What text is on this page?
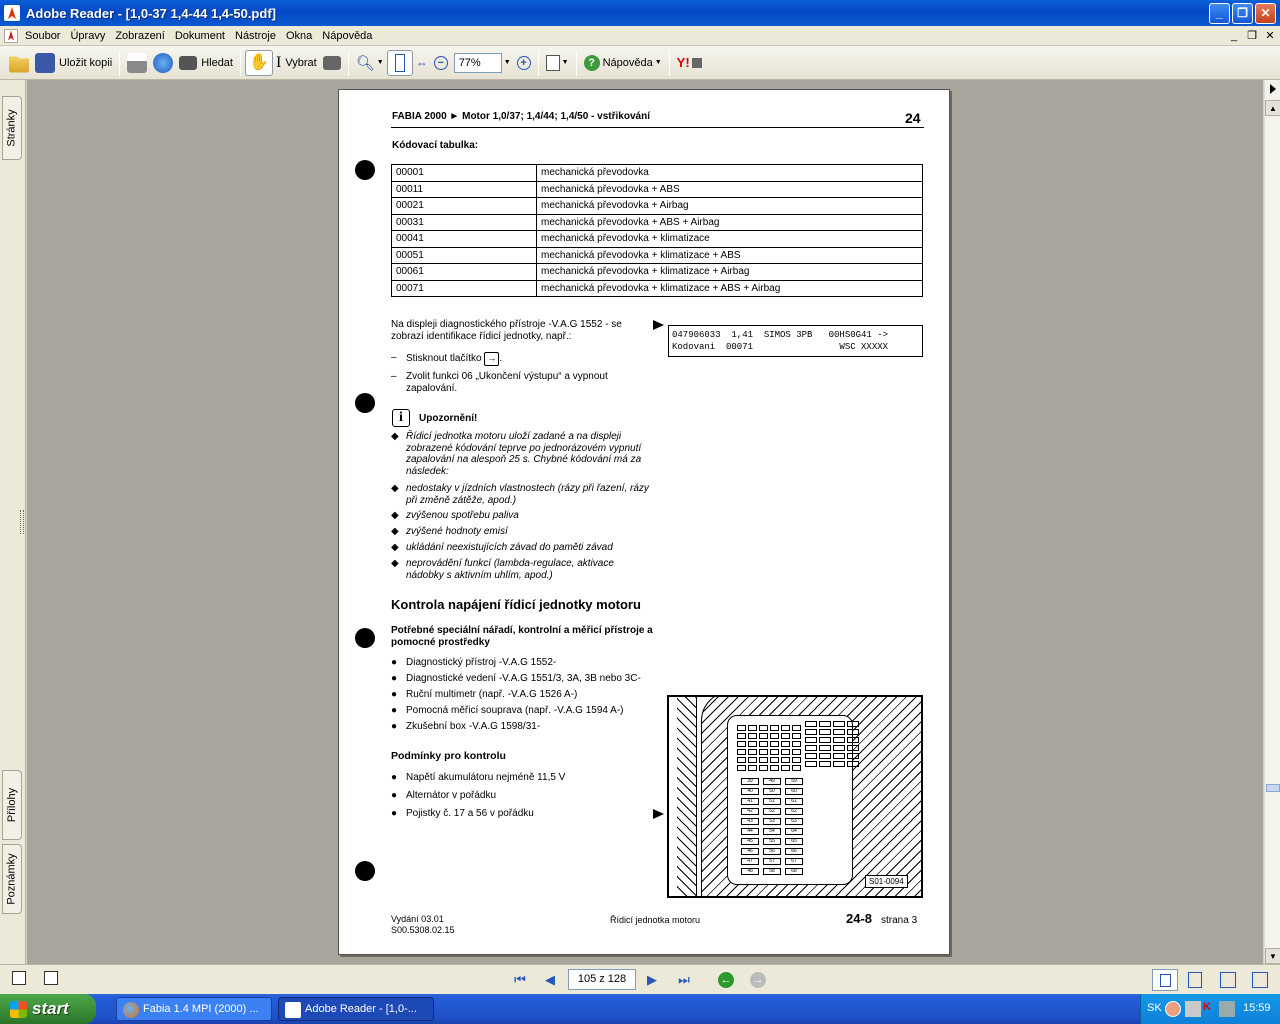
Adobe Reader - [1,0-37 1,4-44 1,4-50.pdf]	_	❐	✕
Soubor Úpravy Zobrazení Dokument Nástroje Okna Nápověda	_ ❐ ✕
Uložit kopii	Hledat ✋ I Vybrat	🔍︎ ▼	⇔ −	77%	▼ +	▼	? Nápověda ▼ Y!
Stránky
Přílohy
Poznámky
▲
▼
FABIA 2000 ► Motor 1,0/37; 1,4/44; 1,4/50 - vstřikování	24
Kódovací tabulka:
00001	mechanická převodovka
00011	mechanická převodovka + ABS
00021	mechanická převodovka + Airbag
00031	mechanická převodovka + ABS + Airbag
00041	mechanická převodovka + klimatizace
00051	mechanická převodovka + klimatizace + ABS
00061	mechanická převodovka + klimatizace + Airbag
00071	mechanická převodovka + klimatizace + ABS + Airbag
Na displeji diagnostického přístroje -V.A.G 1552 - se zobrazí identifikace řídicí jednotky, např.:	047906033  1,41  SIMOS 3PB   00HS0G41 ->
Kodovani  00071                WSC XXXXX
– Stisknout tlačítko → .
– Zvolit funkci 06 „Ukončení výstupu“ a vypnout zapalování.
i	Upozornění!
◆ Řídicí jednotka motoru uloží zadané a na displeji zobrazené kódování teprve po jednorázovém vypnutí zapalování na alespoň 25 s. Chybné kódování má za následek:
◆ nedostaky v jízdních vlastnostech (rázy při řazení, rázy při změně zátěže, apod.)
◆ zvýšenou spotřebu paliva
◆ zvýšené hodnoty emisí
◆ ukládání neexistujících závad do paměti závad
◆ neprovádění funkcí (lambda-regulace, aktivace nádobky s aktivním uhlím, apod.)
Kontrola napájení řídicí jednotky motoru
Potřebné speciální nářadí, kontrolní a měřicí přístroje a pomocné prostředky
● Diagnostický přístroj -V.A.G 1552-
● Diagnostické vedení -V.A.G 1551/3, 3A, 3B nebo 3C-
● Ruční multimetr (např. -V.A.G 1526 A-)
● Pomocná měřicí souprava (např. -V.A.G 1594 A-)
● Zkušební box -V.A.G 1598/31-
Podmínky pro kontrolu
● Napětí akumulátoru nejméně 11,5 V
● Alternátor v pořádku
● Pojistky č. 17 a 56 v pořádku
39
40
41
42
43
44
45
46
47
48
49
50
51
52
53
54
55
56
57
58
59
60
61
62
63
64
65
66
67
68
S01-0094
Vydání 03.01
S00.5308.02.15
Řídicí jednotka motoru	24-8 strana 3
⏮	◀	105 z 128	▶	⏭	← →
start	Fabia 1.4 MPI (2000) ...	Adobe Reader - [1,0-...	SK	K	15:59
